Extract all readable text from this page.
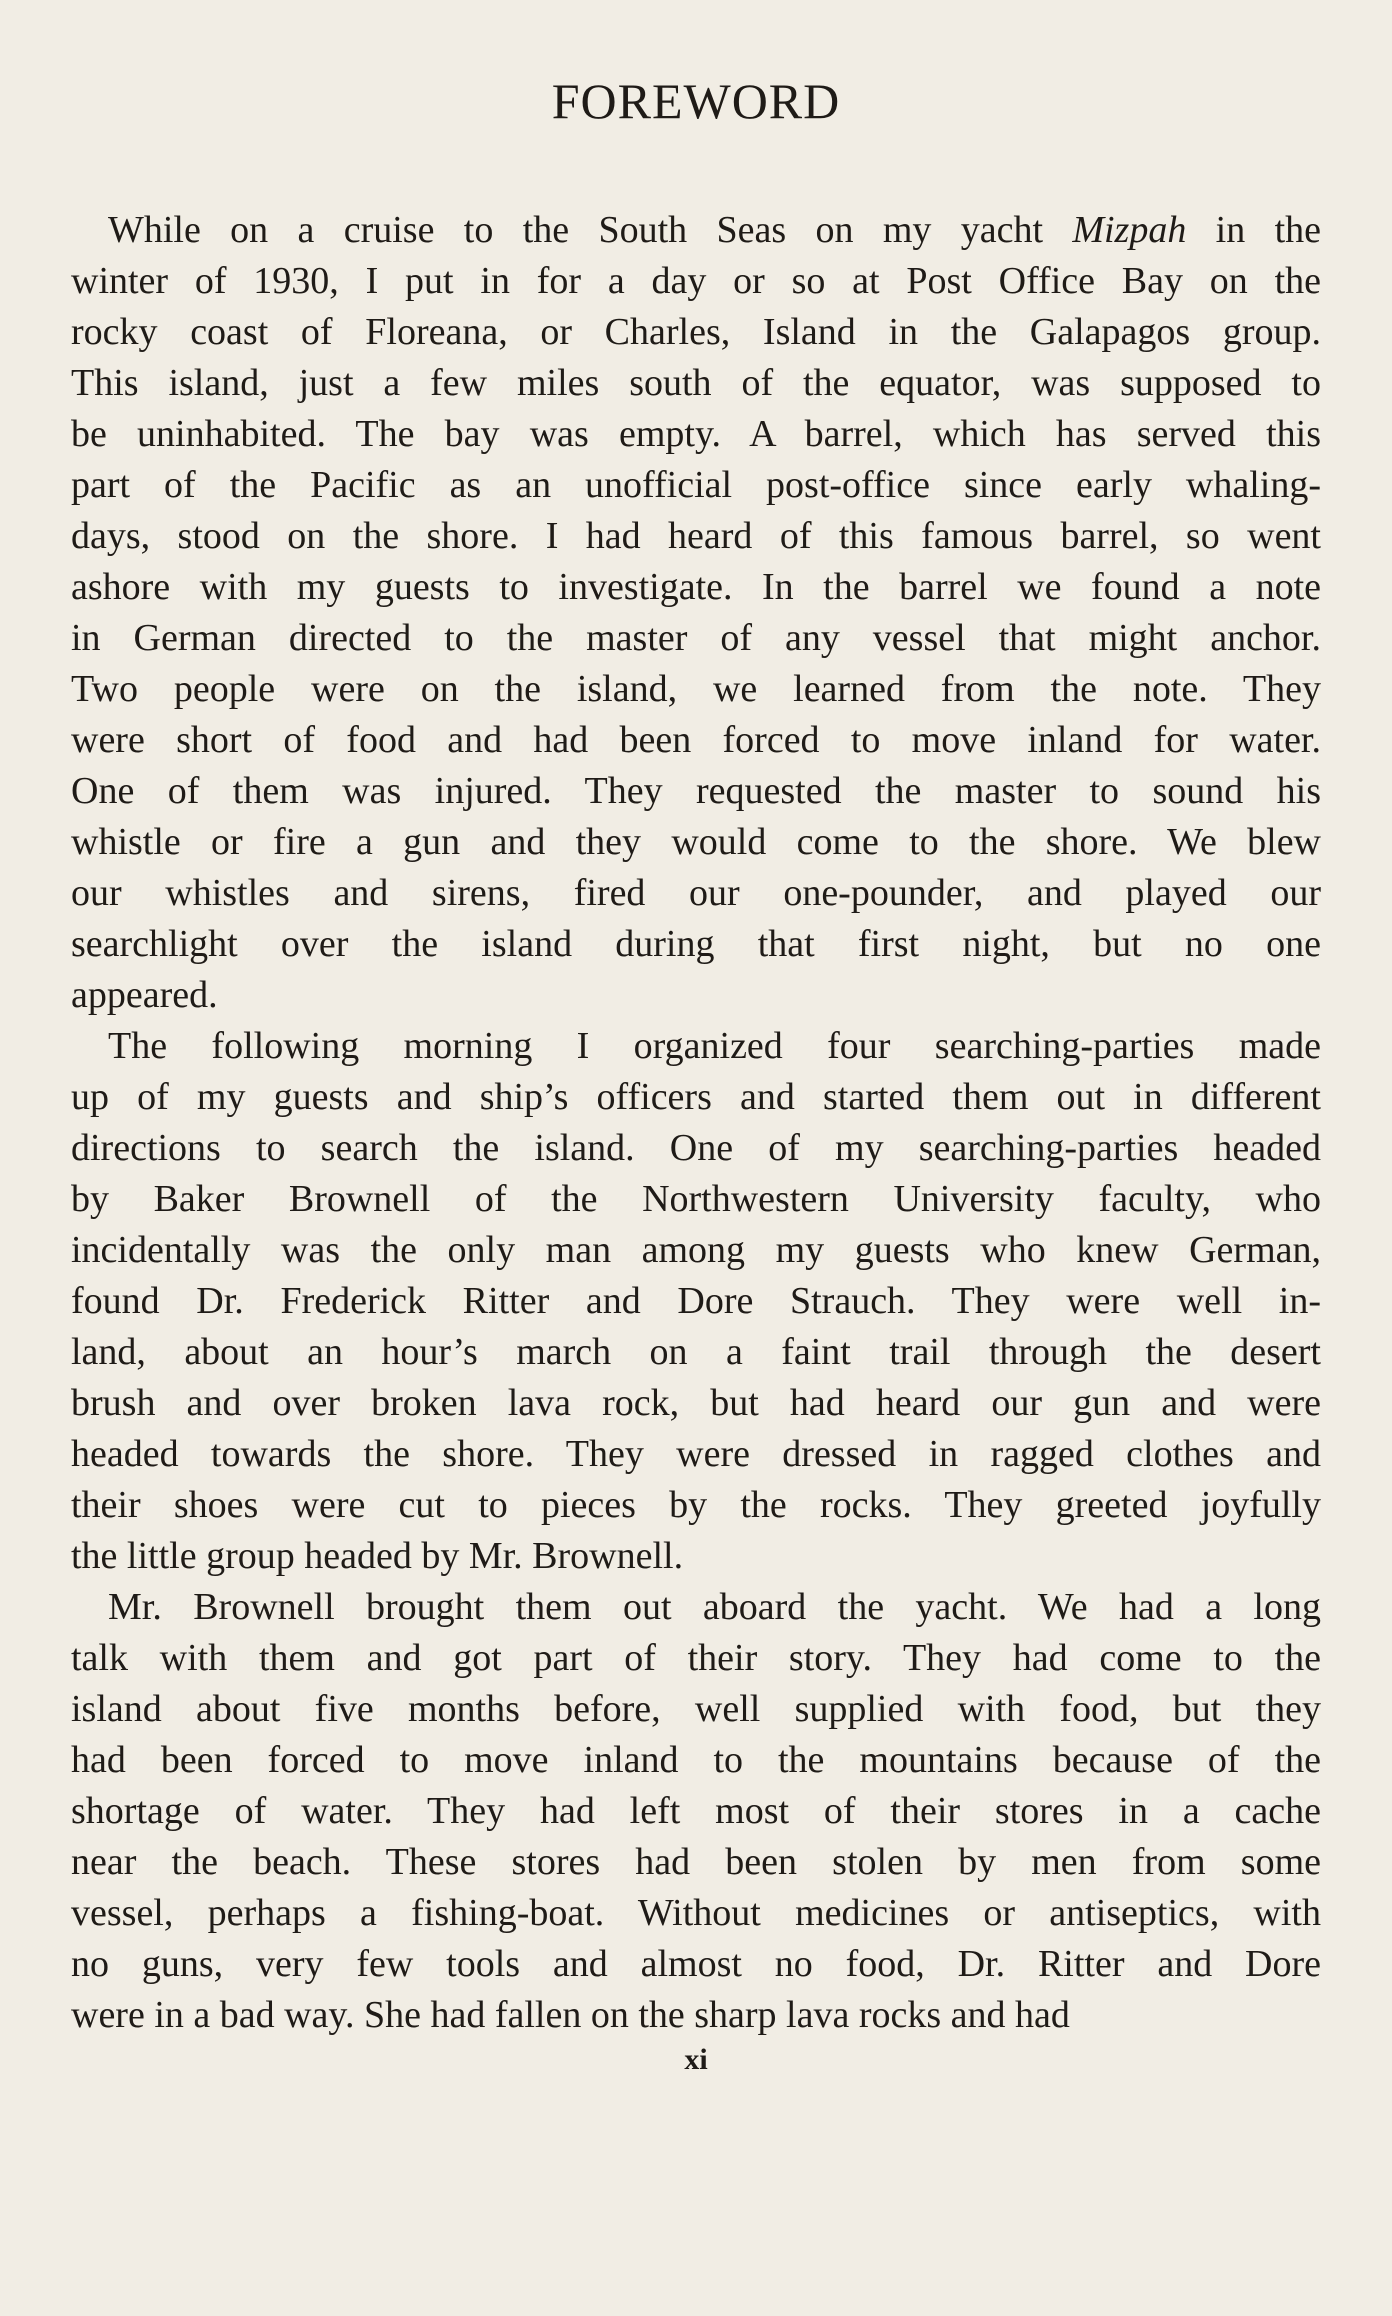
FOREWORD
While on a cruise to the South Seas on my yacht Mizpah in the
winter of 1930, I put in for a day or so at Post Office Bay on the
rocky coast of Floreana, or Charles, Island in the Galapagos group.
This island, just a few miles south of the equator, was supposed to
be uninhabited. The bay was empty. A barrel, which has served this
part of the Pacific as an unofficial post-office since early whaling-
days, stood on the shore. I had heard of this famous barrel, so went
ashore with my guests to investigate. In the barrel we found a note
in German directed to the master of any vessel that might anchor.
Two people were on the island, we learned from the note. They
were short of food and had been forced to move inland for water.
One of them was injured. They requested the master to sound his
whistle or fire a gun and they would come to the shore. We blew
our whistles and sirens, fired our one-pounder, and played our
searchlight over the island during that first night, but no one
appeared.
The following morning I organized four searching-parties made
up of my guests and ship’s officers and started them out in different
directions to search the island. One of my searching-parties headed
by Baker Brownell of the Northwestern University faculty, who
incidentally was the only man among my guests who knew German,
found Dr. Frederick Ritter and Dore Strauch. They were well in-
land, about an hour’s march on a faint trail through the desert
brush and over broken lava rock, but had heard our gun and were
headed towards the shore. They were dressed in ragged clothes and
their shoes were cut to pieces by the rocks. They greeted joyfully
the little group headed by Mr. Brownell.
Mr. Brownell brought them out aboard the yacht. We had a long
talk with them and got part of their story. They had come to the
island about five months before, well supplied with food, but they
had been forced to move inland to the mountains because of the
shortage of water. They had left most of their stores in a cache
near the beach. These stores had been stolen by men from some
vessel, perhaps a fishing-boat. Without medicines or antiseptics, with
no guns, very few tools and almost no food, Dr. Ritter and Dore
were in a bad way. She had fallen on the sharp lava rocks and had
xi
